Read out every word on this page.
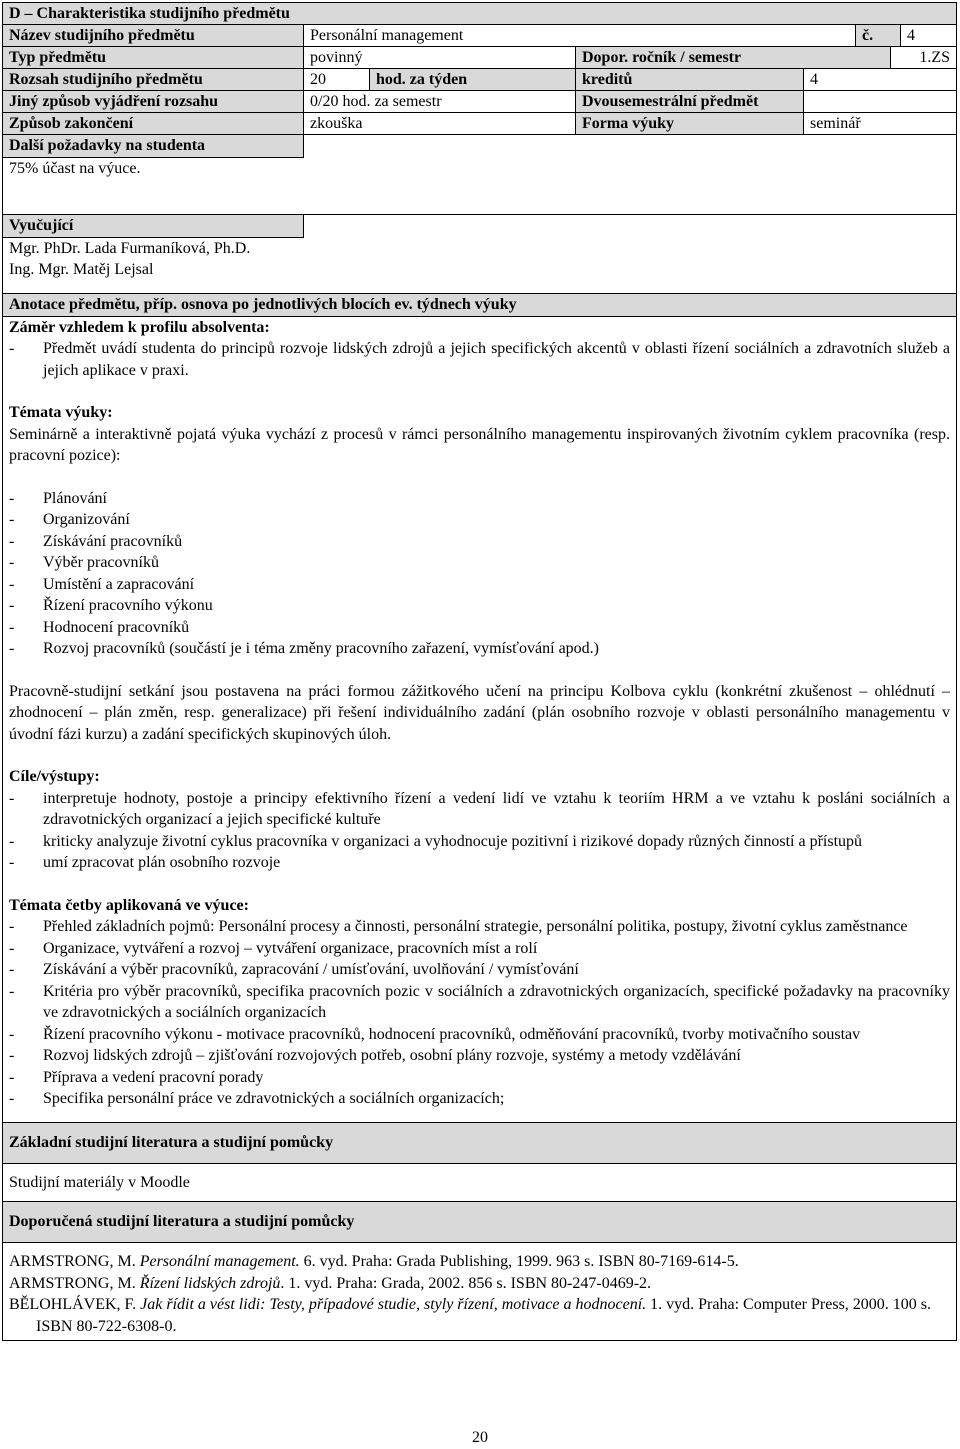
D – Charakteristika studijního předmětu
Název studijního předmětu	Personální management	č.	4
Typ předmětu	povinný	Dopor. ročník / semestr	1.ZS
Rozsah studijního předmětu	20	hod. za týden	kreditů	4
Jiný způsob vyjádření rozsahu	0/20 hod. za semestr	Dvousemestrální předmět
Způsob zakončení	zkouška	Forma výuky	seminář
Další požadavky na studenta
75% účast na výuce.
Vyučující
Mgr. PhDr. Lada Furmaníková, Ph.D.
Ing. Mgr. Matěj Lejsal
Anotace předmětu, příp. osnova po jednotlivých blocích ev. týdnech výuky
Záměr vzhledem k profilu absolventa:
- Předmět uvádí studenta do principů rozvoje lidských zdrojů a jejich specifických akcentů v oblasti řízení sociálních a zdravotních služeb a jejich aplikace v praxi.
Témata výuky:
Seminárně a interaktivně pojatá výuka vychází z procesů v rámci personálního managementu inspirovaných životním cyklem pracovníka (resp. pracovní pozice):
- Plánování
- Organizování
- Získávání pracovníků
- Výběr pracovníků
- Umístění a zapracování
- Řízení pracovního výkonu
- Hodnocení pracovníků
- Rozvoj pracovníků (součástí je i téma změny pracovního zařazení, vymísťování apod.)
Pracovně-studijní setkání jsou postavena na práci formou zážitkového učení na principu Kolbova cyklu (konkrétní zkušenost – ohlédnutí – zhodnocení – plán změn, resp. generalizace) při řešení individuálního zadání (plán osobního rozvoje v oblasti personálního managementu v úvodní fázi kurzu) a zadání specifických skupinových úloh.
Cíle/výstupy:
- interpretuje hodnoty, postoje a principy efektivního řízení a vedení lidí ve vztahu k teoriím HRM a ve vztahu k posláni sociálních a zdravotnických organizací a jejich specifické kultuře
- kriticky analyzuje životní cyklus pracovníka v organizaci a vyhodnocuje pozitivní i rizikové dopady různých činností a přístupů
- umí zpracovat plán osobního rozvoje
Témata četby aplikovaná ve výuce:
- Přehled základních pojmů: Personální procesy a činnosti, personální strategie, personální politika, postupy, životní cyklus zaměstnance
- Organizace, vytváření a rozvoj – vytváření organizace, pracovních míst a rolí
- Získávání a výběr pracovníků, zapracování / umísťování, uvolňování / vymísťování
- Kritéria pro výběr pracovníků, specifika pracovních pozic v sociálních a zdravotnických organizacích, specifické požadavky na pracovníky ve zdravotnických a sociálních organizacích
- Řízení pracovního výkonu - motivace pracovníků, hodnocení pracovníků, odměňování pracovníků, tvorby motivačního soustav
- Rozvoj lidských zdrojů – zjišťování rozvojových potřeb, osobní plány rozvoje, systémy a metody vzdělávání
- Příprava a vedení pracovní porady
- Specifika personální práce ve zdravotnických a sociálních organizacích;
Základní studijní literatura a studijní pomůcky
Studijní materiály v Moodle
Doporučená studijní literatura a studijní pomůcky
ARMSTRONG, M. Personální management. 6. vyd. Praha: Grada Publishing, 1999. 963 s. ISBN 80-7169-614-5.
ARMSTRONG, M. Řízení lidských zdrojů. 1. vyd. Praha: Grada, 2002. 856 s. ISBN 80-247-0469-2.
BĚLOHLÁVEK, F. Jak řídit a vést lidi: Testy, případové studie, styly řízení, motivace a hodnocení. 1. vyd. Praha: Computer Press, 2000. 100 s. ISBN 80-722-6308-0.
20
